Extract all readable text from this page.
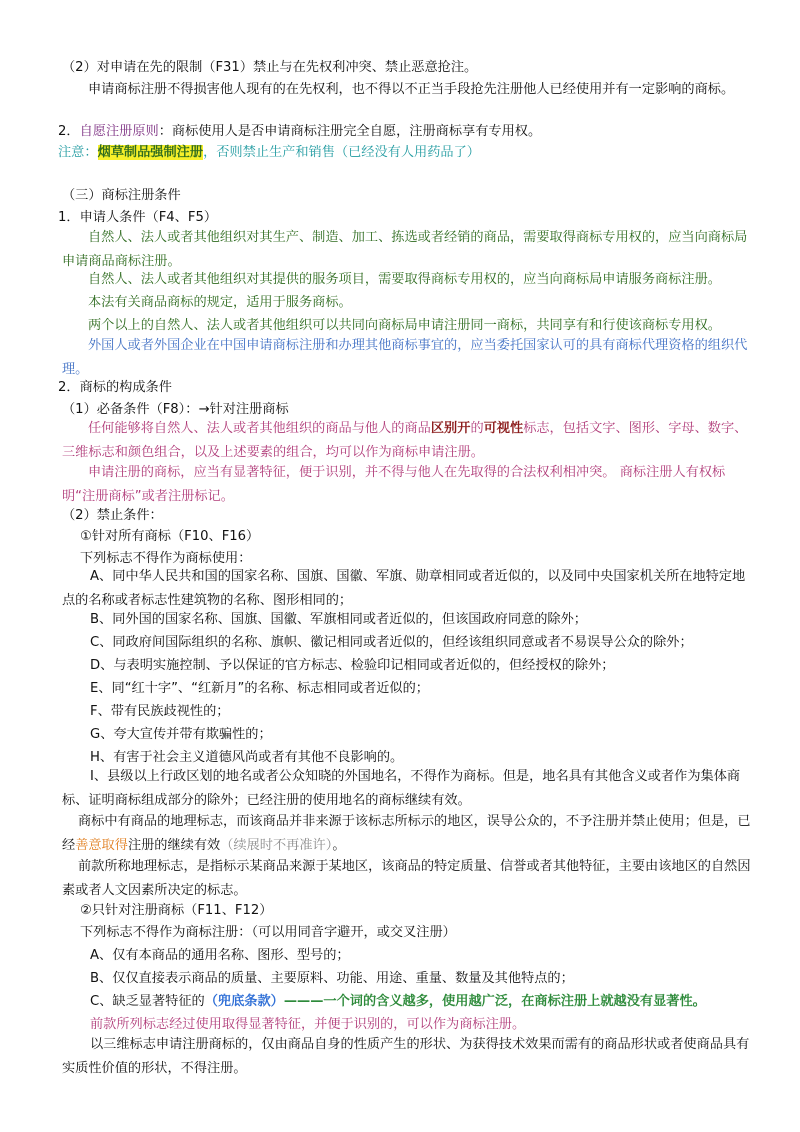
（2）对申请在先的限制（F31）禁止与在先权利冲突、禁止恶意抢注。
申请商标注册不得损害他人现有的在先权利，也不得以不正当手段抢先注册他人已经使用并有一定影响的商标。
2．自愿注册原则：商标使用人是否申请商标注册完全自愿，注册商标享有专用权。
注意：烟草制品强制注册，否则禁止生产和销售（已经没有人用药品了）
（三）商标注册条件
1．申请人条件（F4、F5）
自然人、法人或者其他组织对其生产、制造、加工、拣选或者经销的商品，需要取得商标专用权的，应当向商标局申请商品商标注册。
自然人、法人或者其他组织对其提供的服务项目，需要取得商标专用权的，应当向商标局申请服务商标注册。
本法有关商品商标的规定，适用于服务商标。
两个以上的自然人、法人或者其他组织可以共同向商标局申请注册同一商标，共同享有和行使该商标专用权。
外国人或者外国企业在中国申请商标注册和办理其他商标事宜的，应当委托国家认可的具有商标代理资格的组织代理。
2．商标的构成条件
（1）必备条件（F8）：→针对注册商标
任何能够将自然人、法人或者其他组织的商品与他人的商品区别开的可视性标志，包括文字、图形、字母、数字、三维标志和颜色组合，以及上述要素的组合，均可以作为商标申请注册。
申请注册的商标，应当有显著特征，便于识别，并不得与他人在先取得的合法权利相冲突。 商标注册人有权标明“注册商标”或者注册标记。
（2）禁止条件：
①针对所有商标（F10、F16）
下列标志不得作为商标使用：
A、同中华人民共和国的国家名称、国旗、国徽、军旗、勋章相同或者近似的，以及同中央国家机关所在地特定地点的名称或者标志性建筑物的名称、图形相同的；
B、同外国的国家名称、国旗、国徽、军旗相同或者近似的，但该国政府同意的除外；
C、同政府间国际组织的名称、旗帜、徽记相同或者近似的，但经该组织同意或者不易误导公众的除外；
D、与表明实施控制、予以保证的官方标志、检验印记相同或者近似的，但经授权的除外；
E、同“红十字”、“红新月”的名称、标志相同或者近似的；
F、带有民族歧视性的；
G、夸大宣传并带有欺骗性的；
H、有害于社会主义道德风尚或者有其他不良影响的。
I、县级以上行政区划的地名或者公众知晓的外国地名，不得作为商标。但是，地名具有其他含义或者作为集体商标、证明商标组成部分的除外；已经注册的使用地名的商标继续有效。
商标中有商品的地理标志，而该商品并非来源于该标志所标示的地区，误导公众的，不予注册并禁止使用；但是，已经善意取得注册的继续有效（续展时不再准许）。
前款所称地理标志，是指标示某商品来源于某地区，该商品的特定质量、信誉或者其他特征，主要由该地区的自然因素或者人文因素所决定的标志。
②只针对注册商标（F11、F12）
下列标志不得作为商标注册：（可以用同音字避开，或交叉注册）
A、仅有本商品的通用名称、图形、型号的；
B、仅仅直接表示商品的质量、主要原料、功能、用途、重量、数量及其他特点的；
C、缺乏显著特征的（兜底条款）———一个词的含义越多，使用越广泛，在商标注册上就越没有显著性。
前款所列标志经过使用取得显著特征，并便于识别的，可以作为商标注册。
以三维标志申请注册商标的，仅由商品自身的性质产生的形状、为获得技术效果而需有的商品形状或者使商品具有实质性价值的形状，不得注册。
